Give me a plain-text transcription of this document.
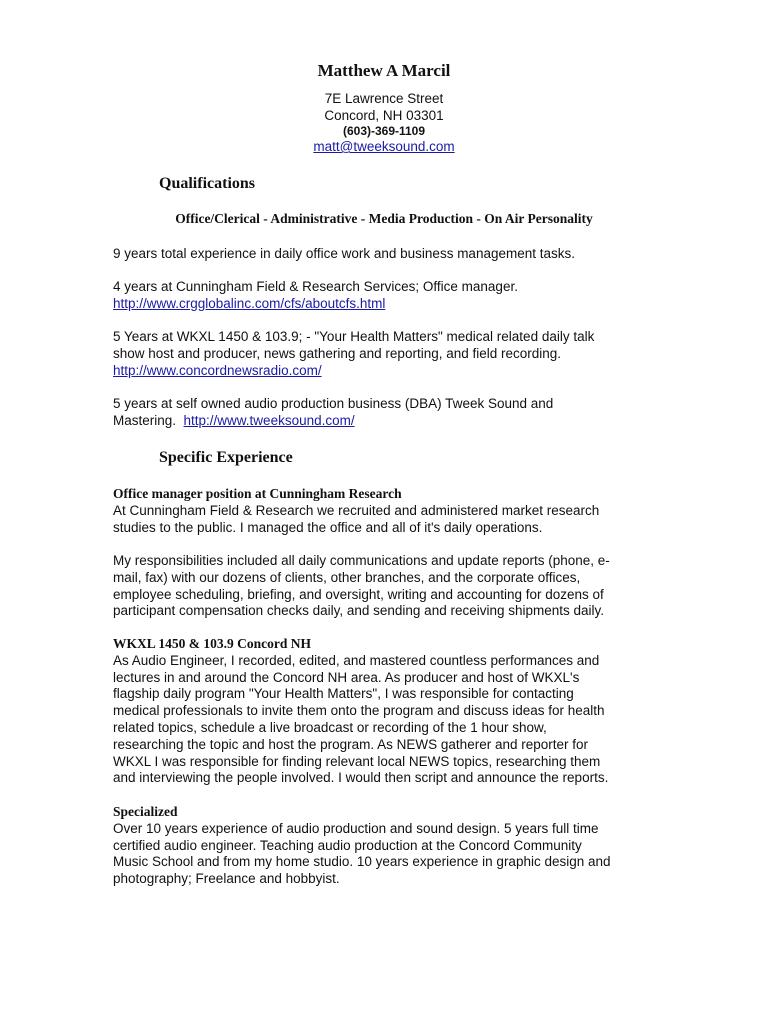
Matthew A Marcil
7E Lawrence Street
Concord, NH 03301
(603)-369-1109
matt@tweeksound.com
Qualifications
Office/Clerical - Administrative - Media Production - On Air Personality

9 years total experience in daily office work and business management tasks.

4 years at Cunningham Field & Research Services; Office manager.

http://www.crgglobalinc.com/cfs/aboutcfs.html

5 Years at WKXL 1450 & 103.9; - "Your Health Matters" medical related daily talk

show host and producer, news gathering and reporting, and field recording.

http://www.concordnewsradio.com/

5 years at self owned audio production business (DBA) Tweek Sound and

Mastering.  http://www.tweeksound.com/

Specific Experience

Office manager position at Cunningham Research

At Cunningham Field & Research we recruited and administered market research

studies to the public. I managed the office and all of it's daily operations.

My responsibilities included all daily communications and update reports (phone, e-

mail, fax) with our dozens of clients, other branches, and the corporate offices,

employee scheduling, briefing, and oversight, writing and accounting for dozens of

participant compensation checks daily, and sending and receiving shipments daily.

WKXL 1450 & 103.9 Concord NH

As Audio Engineer, I recorded, edited, and mastered countless performances and

lectures in and around the Concord NH area. As producer and host of WKXL's

flagship daily program "Your Health Matters", I was responsible for contacting

medical professionals to invite them onto the program and discuss ideas for health

related topics, schedule a live broadcast or recording of the 1 hour show,

researching the topic and host the program. As NEWS gatherer and reporter for

WKXL I was responsible for finding relevant local NEWS topics, researching them

and interviewing the people involved. I would then script and announce the reports.

Specialized

Over 10 years experience of audio production and sound design. 5 years full time

certified audio engineer. Teaching audio production at the Concord Community

Music School and from my home studio. 10 years experience in graphic design and

photography; Freelance and hobbyist.
